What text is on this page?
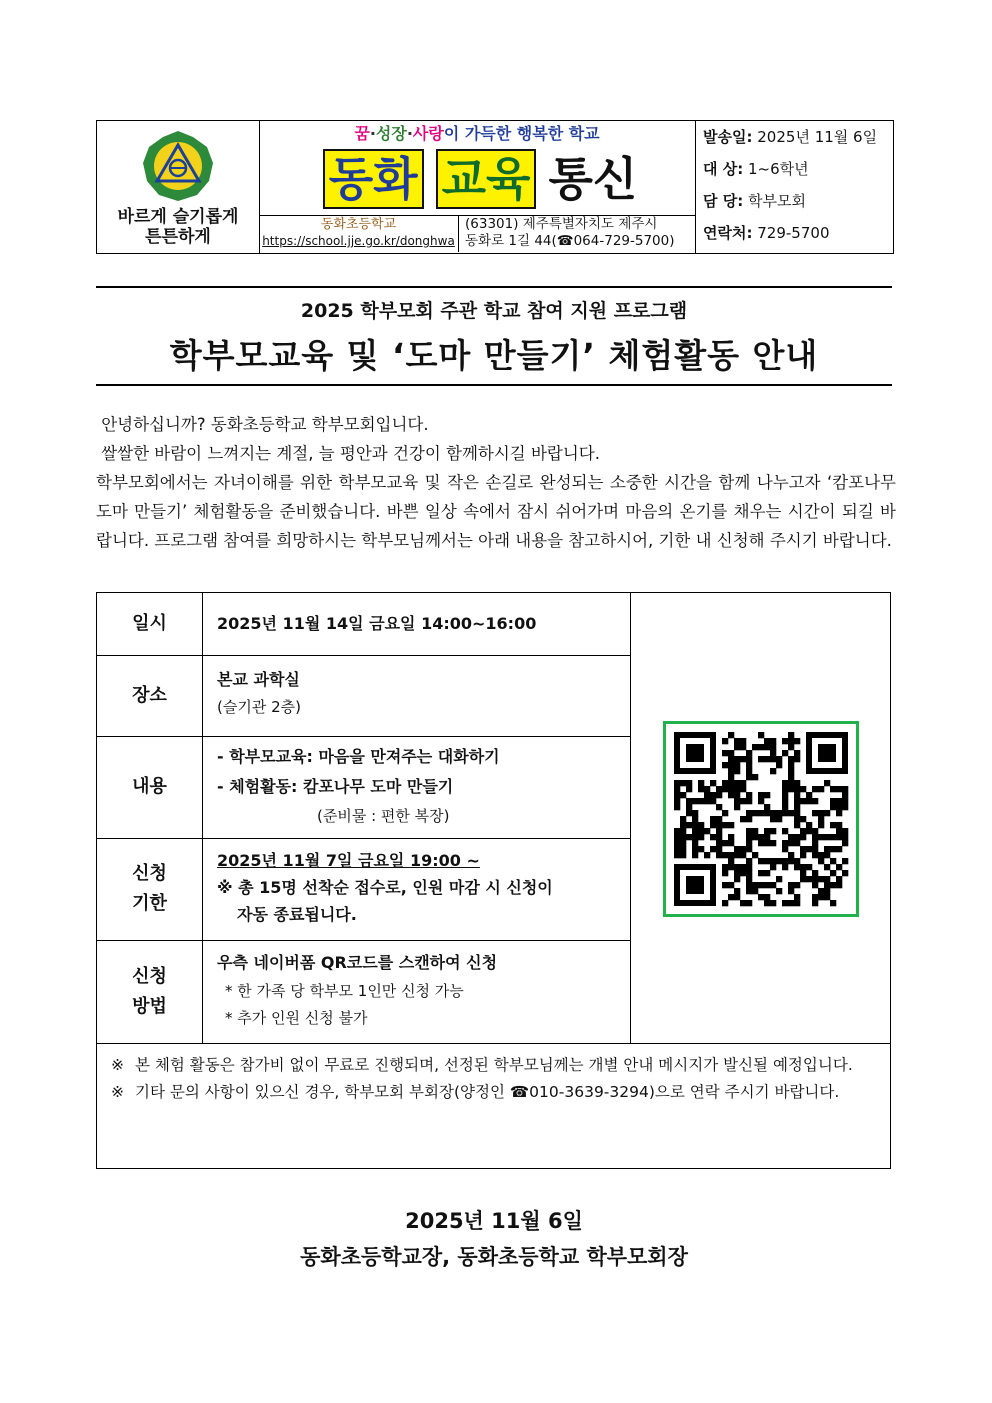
바르게 슬기롭게
튼튼하게
꿈·성장·사랑이 가득한 행복한 학교
동화 교육 통신
동화초등학교
https://school.jje.go.kr/donghwa
(63301) 제주특별자치도 제주시
동화로 1길 44(☎064-729-5700)
발송일: 2025년 11월 6일
대 상: 1~6학년
담 당: 학부모회
연락처: 729-5700
2025 학부모회 주관 학교 참여 지원 프로그램
학부모교육 및 ‘도마 만들기’ 체험활동 안내

안녕하십니까? 동화초등학교 학부모회입니다.

쌀쌀한 바람이 느껴지는 계절, 늘 평안과 건강이 함께하시길 바랍니다.

학부모회에서는 자녀이해를 위한 학부모교육 및 작은 손길로 완성되는 소중한 시간을 함께 나누고자 ‘캄포나무 도마 만들기’ 체험활동을 준비했습니다. 바쁜 일상 속에서 잠시 쉬어가며 마음의 온기를 채우는 시간이 되길 바랍니다. 프로그램 참여를 희망하시는 학부모님께서는 아래 내용을 참고하시어, 기한 내 신청해 주시기 바랍니다.

일시	2025년 11월 14일 금요일 14:00~16:00
장소
본교 과학실
(슬기관 2층)
내용
- 학부모교육: 마음을 만져주는 대화하기
- 체험활동: 캄포나무 도마 만들기
(준비물 : 편한 복장)
신청
기한
2025년 11월 7일 금요일 19:00 ~
※ 총 15명 선착순 접수로, 인원 마감 시 신청이
자동 종료됩니다.
신청
방법
우측 네이버폼 QR코드를 스캔하여 신청
* 한 가족 당 학부모 1인만 신청 가능
* 추가 인원 신청 불가
※ 본 체험 활동은 참가비 없이 무료로 진행되며, 선정된 학부모님께는 개별 안내 메시지가 발신될 예정입니다.
※ 기타 문의 사항이 있으신 경우, 학부모회 부회장(양정인 ☎010-3639-3294)으로 연락 주시기 바랍니다.
2025년 11월 6일
동화초등학교장, 동화초등학교 학부모회장
